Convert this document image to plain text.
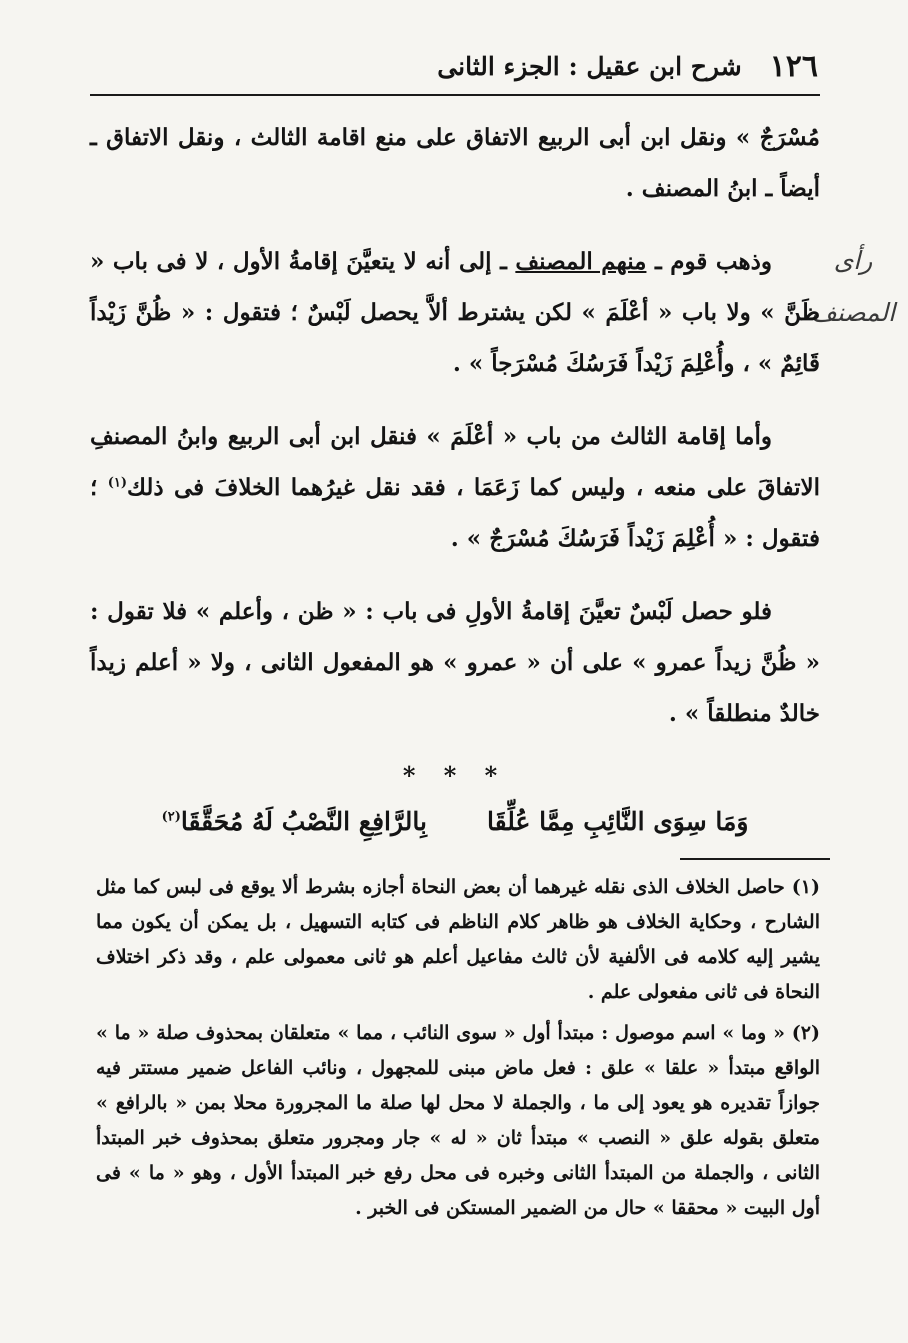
١٢٦
شرح ابن عقيل : الجزء الثانى
رأى
المصنف

مُسْرَجٌ » ونقل ابن أبى الربيع الاتفاق على منع اقامة الثالث ، ونقل الاتفاق ـ أيضاً ـ ابنُ المصنف .

وذهب قوم ـ منهم المصنف ـ إلى أنه لا يتعيَّنَ إقامةُ الأول ، لا فى باب « ظَنَّ » ولا باب « أعْلَمَ » لكن يشترط ألاَّ يحصل لَبْسٌ ؛ فتقول : « ظُنَّ زَيْداً قَائِمٌ » ، وأُعْلِمَ زَيْداً فَرَسُكَ مُسْرَجاً » .

وأما إقامة الثالث من باب « أعْلَمَ » فنقل ابن أبى الربيع وابنُ المصنفِ الاتفاقَ على منعه ، وليس كما زَعَمَا ، فقد نقل غيرُهما الخلافَ فى ذلك$^{(١)}$ ؛ فتقول : « أُعْلِمَ زَيْداً فَرَسُكَ مُسْرَجٌ » .

فلو حصل لَبْسٌ تعيَّنَ إقامةُ الأولِ فى باب : « ظن ، وأعلم » فلا تقول : « ظُنَّ زيداً عمرو » على أن « عمرو » هو المفعول الثانى ، ولا « أعلم زيداً خالدٌ منطلقاً » .

* * *
وَمَا سِوَى النَّائِبِ مِمَّا عُلِّقَا
بِالرَّافِعِ النَّصْبُ لَهُ مُحَقَّقَا$^{(٢)}$

(١) حاصل الخلاف الذى نقله غيرهما أن بعض النحاة أجازه بشرط ألا يوقع فى لبس كما مثل الشارح ، وحكاية الخلاف هو ظاهر كلام الناظم فى كتابه التسهيل ، بل يمكن أن يكون مما يشير إليه كلامه فى الألفية لأن ثالث مفاعيل أعلم هو ثانى معمولى علم ، وقد ذكر اختلاف النحاة فى ثانى مفعولى علم .

(٢) « وما » اسم موصول : مبتدأ أول « سوى النائب ، مما » متعلقان بمحذوف صلة « ما » الواقع مبتدأ « علقا » علق : فعل ماض مبنى للمجهول ، ونائب الفاعل ضمير مستتر فيه جوازاً تقديره هو يعود إلى ما ، والجملة لا محل لها صلة ما المجرورة محلا بمن « بالرافع » متعلق بقوله علق « النصب » مبتدأ ثان « له » جار ومجرور متعلق بمحذوف خبر المبتدأ الثانى ، والجملة من المبتدأ الثانى وخبره فى محل رفع خبر المبتدأ الأول ، وهو « ما » فى أول البيت « محققا » حال من الضمير المستكن فى الخبر .
